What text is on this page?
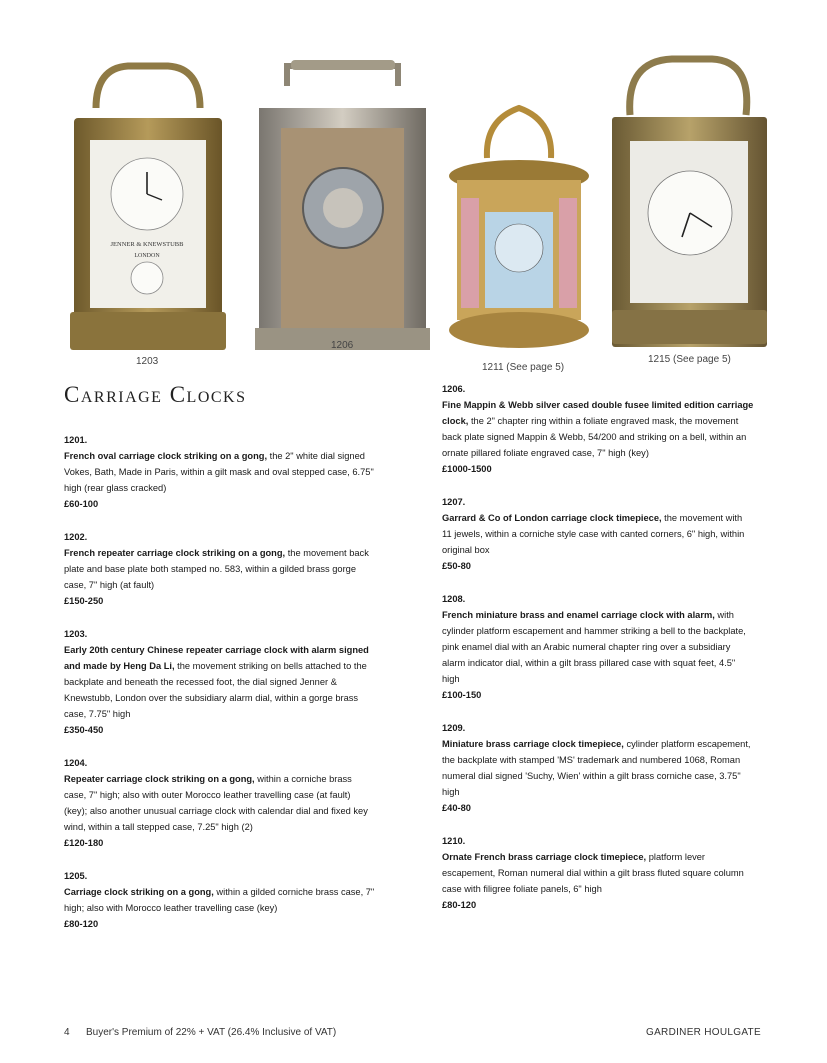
JENNER & KNEWSTUBB
LONDON
1203
1206
1211 (See page 5)
1215 (See page 5)
Carriage Clocks
1201.
French oval carriage clock striking on a gong, the 2" white dial signed Vokes, Bath, Made in Paris, within a gilt mask and oval stepped case, 6.75" high (rear glass cracked)
£60-100
1202.
French repeater carriage clock striking on a gong, the movement back plate and base plate both stamped no. 583, within a gilded brass gorge case, 7" high (at fault)
£150-250
1203.
Early 20th century Chinese repeater carriage clock with alarm signed and made by Heng Da Li, the movement striking on bells attached to the backplate and beneath the recessed foot, the dial signed Jenner & Knewstubb, London over the subsidiary alarm dial, within a gorge brass case, 7.75" high
£350-450
1204.
Repeater carriage clock striking on a gong, within a corniche brass case, 7" high; also with outer Morocco leather travelling case (at fault) (key); also another unusual carriage clock with calendar dial and fixed key wind, within a tall stepped case, 7.25" high (2)
£120-180
1205.
Carriage clock striking on a gong, within a gilded corniche brass case, 7" high; also with Morocco leather travelling case (key)
£80-120
1206.
Fine Mappin & Webb silver cased double fusee limited edition carriage clock, the 2" chapter ring within a foliate engraved mask, the movement back plate signed Mappin & Webb, 54/200 and striking on a bell, within an ornate pillared foliate engraved case, 7" high (key)
£1000-1500
1207.
Garrard & Co of London carriage clock timepiece, the movement with 11 jewels, within a corniche style case with canted corners, 6" high, within original box
£50-80
1208.
French miniature brass and enamel carriage clock with alarm, with cylinder platform escapement and hammer striking a bell to the backplate, pink enamel dial with an Arabic numeral chapter ring over a subsidiary alarm indicator dial, within a gilt brass pillared case with squat feet, 4.5" high
£100-150
1209.
Miniature brass carriage clock timepiece, cylinder platform escapement, the backplate with stamped 'MS' trademark and numbered 1068, Roman numeral dial signed 'Suchy, Wien' within a gilt brass corniche case, 3.75" high
£40-80
1210.
Ornate French brass carriage clock timepiece, platform lever escapement, Roman numeral dial within a gilt brass fluted square column case with filigree foliate panels, 6" high
£80-120
4 Buyer's Premium of 22% + VAT (26.4% Inclusive of VAT)	GARDINER HOULGATE
